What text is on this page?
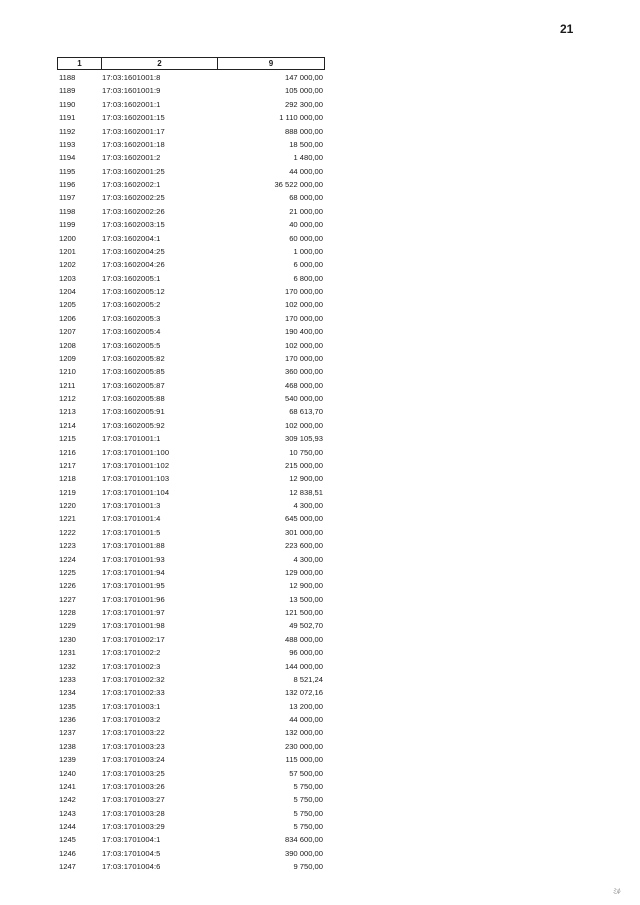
21
1	2	9
1188	17:03:1601001:8	147 000,00
1189	17:03:1601001:9	105 000,00
1190	17:03:1602001:1	292 300,00
1191	17:03:1602001:15	1 110 000,00
1192	17:03:1602001:17	888 000,00
1193	17:03:1602001:18	18 500,00
1194	17:03:1602001:2	1 480,00
1195	17:03:1602001:25	44 000,00
1196	17:03:1602002:1	36 522 000,00
1197	17:03:1602002:25	68 000,00
1198	17:03:1602002:26	21 000,00
1199	17:03:1602003:15	40 000,00
1200	17:03:1602004:1	60 000,00
1201	17:03:1602004:25	1 000,00
1202	17:03:1602004:26	6 000,00
1203	17:03:1602005:1	6 800,00
1204	17:03:1602005:12	170 000,00
1205	17:03:1602005:2	102 000,00
1206	17:03:1602005:3	170 000,00
1207	17:03:1602005:4	190 400,00
1208	17:03:1602005:5	102 000,00
1209	17:03:1602005:82	170 000,00
1210	17:03:1602005:85	360 000,00
1211	17:03:1602005:87	468 000,00
1212	17:03:1602005:88	540 000,00
1213	17:03:1602005:91	68 613,70
1214	17:03:1602005:92	102 000,00
1215	17:03:1701001:1	309 105,93
1216	17:03:1701001:100	10 750,00
1217	17:03:1701001:102	215 000,00
1218	17:03:1701001:103	12 900,00
1219	17:03:1701001:104	12 838,51
1220	17:03:1701001:3	4 300,00
1221	17:03:1701001:4	645 000,00
1222	17:03:1701001:5	301 000,00
1223	17:03:1701001:88	223 600,00
1224	17:03:1701001:93	4 300,00
1225	17:03:1701001:94	129 000,00
1226	17:03:1701001:95	12 900,00
1227	17:03:1701001:96	13 500,00
1228	17:03:1701001:97	121 500,00
1229	17:03:1701001:98	49 502,70
1230	17:03:1701002:17	488 000,00
1231	17:03:1701002:2	96 000,00
1232	17:03:1701002:3	144 000,00
1233	17:03:1701002:32	8 521,24
1234	17:03:1701002:33	132 072,16
1235	17:03:1701003:1	13 200,00
1236	17:03:1701003:2	44 000,00
1237	17:03:1701003:22	132 000,00
1238	17:03:1701003:23	230 000,00
1239	17:03:1701003:24	115 000,00
1240	17:03:1701003:25	57 500,00
1241	17:03:1701003:26	5 750,00
1242	17:03:1701003:27	5 750,00
1243	17:03:1701003:28	5 750,00
1244	17:03:1701003:29	5 750,00
1245	17:03:1701004:1	834 600,00
1246	17:03:1701004:5	390 000,00
1247	17:03:1701004:6	9 750,00
ﾐﾙ
